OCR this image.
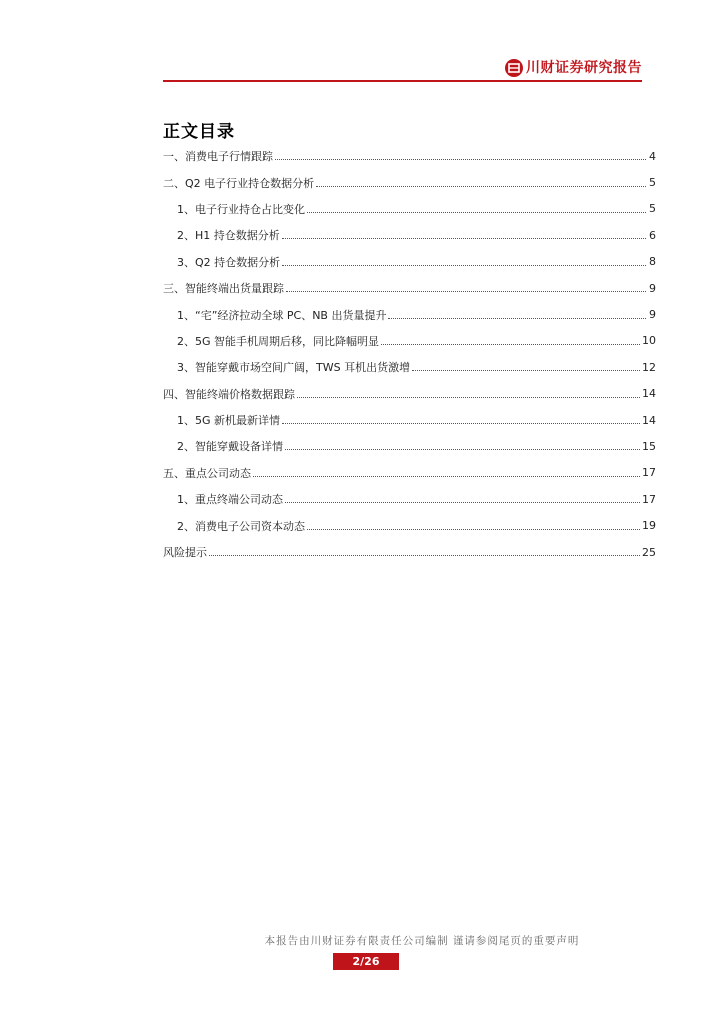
川财证券研究报告
正文目录
一、消费电子行情跟踪	4
二、Q2 电子行业持仓数据分析	5
1、电子行业持仓占比变化	5
2、H1 持仓数据分析	6
3、Q2 持仓数据分析	8
三、智能终端出货量跟踪	9
1、“宅”经济拉动全球 PC、NB 出货量提升	9
2、5G 智能手机周期后移，同比降幅明显	10
3、智能穿戴市场空间广阔，TWS 耳机出货激增	12
四、智能终端价格数据跟踪	14
1、5G 新机最新详情	14
2、智能穿戴设备详情	15
五、重点公司动态	17
1、重点终端公司动态	17
2、消费电子公司资本动态	19
风险提示	25
本报告由川财证券有限责任公司编制 谨请参阅尾页的重要声明
2/26
